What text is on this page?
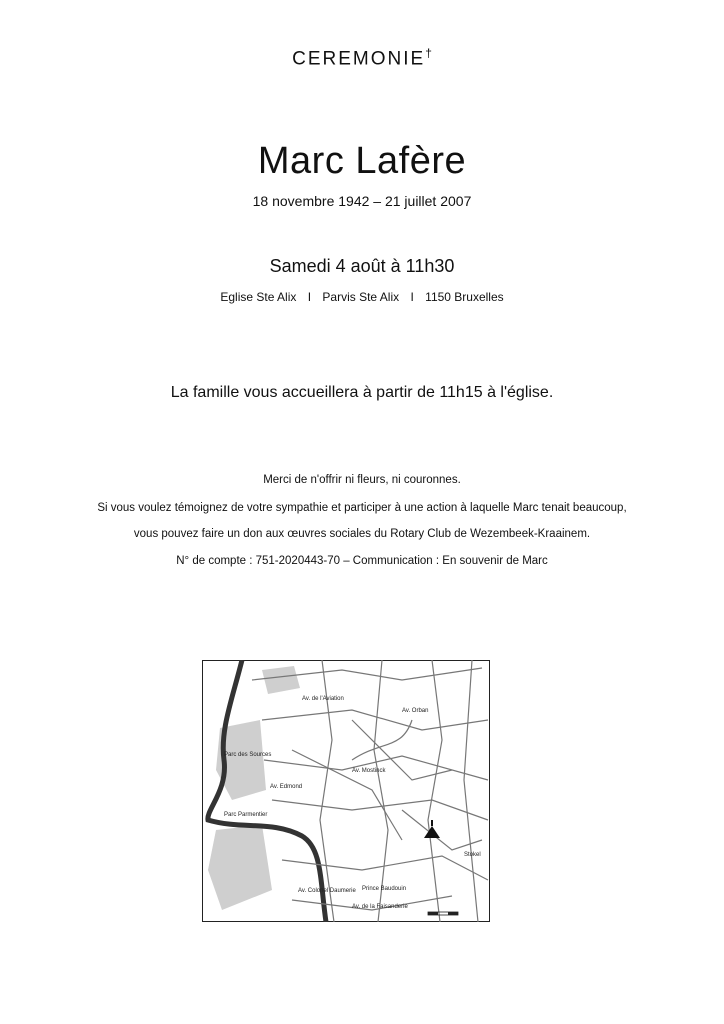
CEREMONIE†
Marc Lafère
18 novembre 1942 – 21 juillet 2007
Samedi 4 août à 11h30
Eglise Ste Alix I Parvis Ste Alix I 1150 Bruxelles
La famille vous accueillera à partir de 11h15 à l'église.
Merci de n'offrir ni fleurs, ni couronnes.
Si vous voulez témoignez de votre sympathie et participer à une action à laquelle Marc tenait beaucoup,
vous pouvez faire un don aux œuvres sociales du Rotary Club de Wezembeek-Kraainem.
N° de compte : 751-2020443-70 – Communication : En souvenir de Marc
Parc des Sources
Parc Parmentier
Av. Edmond
Av. Colonel Daumerie
Av. de la Faisanderie
Prince Baudouin
Av. Orban
Av. de l'Aviation
Av. Mostinck
Stokel
